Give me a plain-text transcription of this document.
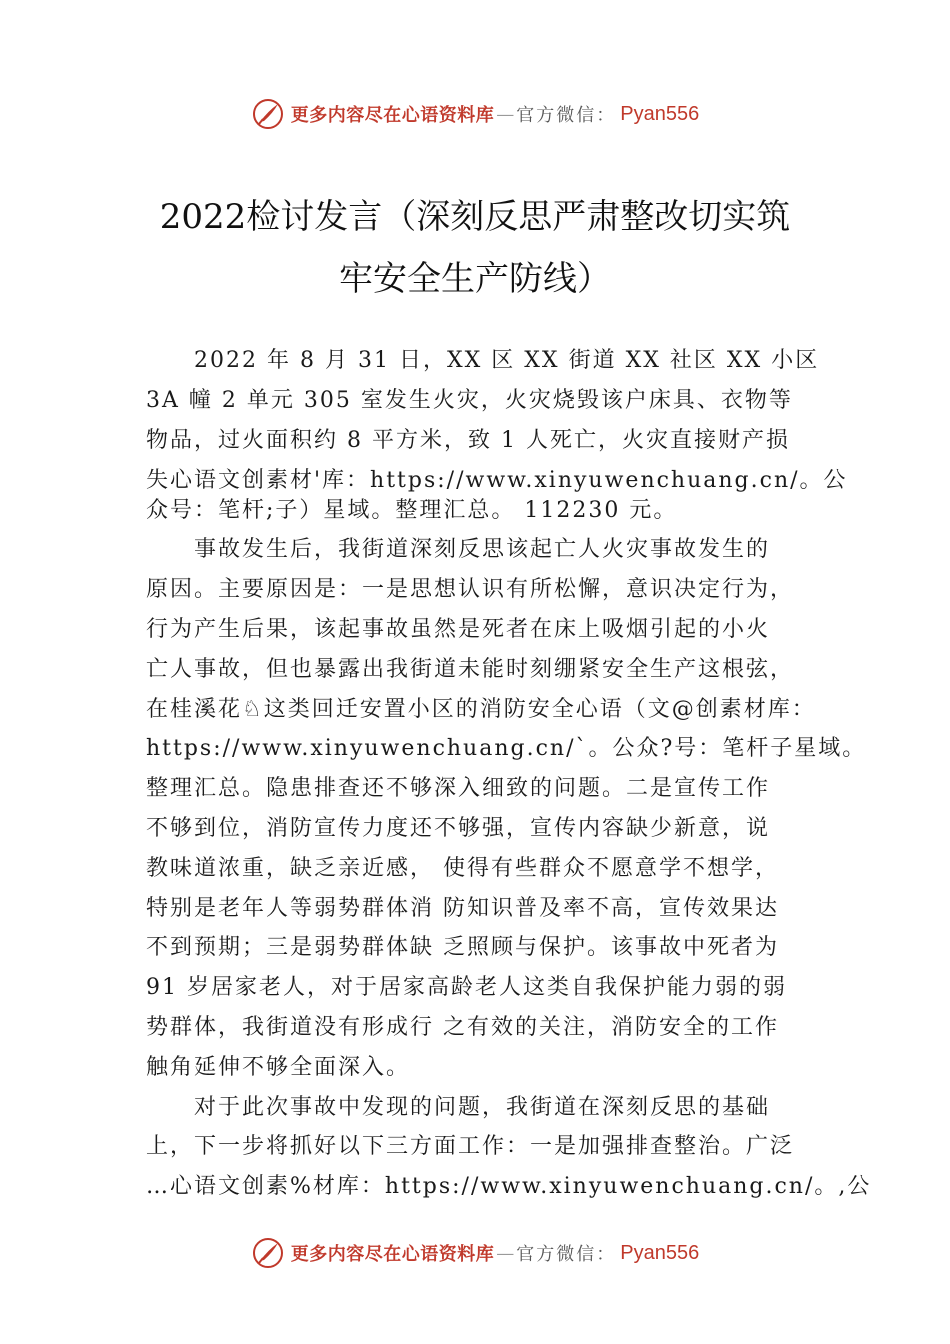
更多内容尽在心语资料库 — 官方微信： Pyan556
2022检讨发言（深刻反思严肃整改切实筑
牢安全生产防线）
2022 年 8 月 31 日，XX 区 XX 街道 XX 社区 XX 小区
3A 幢 2 单元 305 室发生火灾，火灾烧毁该户床具、衣物等
物品，过火面积约 8 平方米，致 1 人死亡，火灾直接财产损
失心语文创素材'库：https://www.xinyuwenchuang.cn/。公
众号：笔杆;子）星域。整理汇总。 112230 元。
事故发生后，我街道深刻反思该起亡人火灾事故发生的
原因。主要原因是：一是思想认识有所松懈，意识决定行为，
行为产生后果，该起事故虽然是死者在床上吸烟引起的小火
亡人事故，但也暴露出我街道未能时刻绷紧安全生产这根弦，
在桂溪花♘这类回迁安置小区的消防安全心语（文@创素材库：
https://www.xinyuwenchuang.cn/`。公众?号：笔杆子星域。
整理汇总。隐患排查还不够深入细致的问题。二是宣传工作
不够到位，消防宣传力度还不够强，宣传内容缺少新意，说
教味道浓重，缺乏亲近感， 使得有些群众不愿意学不想学，
特别是老年人等弱势群体消 防知识普及率不高，宣传效果达
不到预期；三是弱势群体缺 乏照顾与保护。该事故中死者为
91 岁居家老人，对于居家高龄老人这类自我保护能力弱的弱
势群体，我街道没有形成行 之有效的关注，消防安全的工作
触角延伸不够全面深入。
对于此次事故中发现的问题，我街道在深刻反思的基础
上，下一步将抓好以下三方面工作：一是加强排查整治。广泛
…心语文创素%材库：https://www.xinyuwenchuang.cn/。,公
更多内容尽在心语资料库 — 官方微信： Pyan556
